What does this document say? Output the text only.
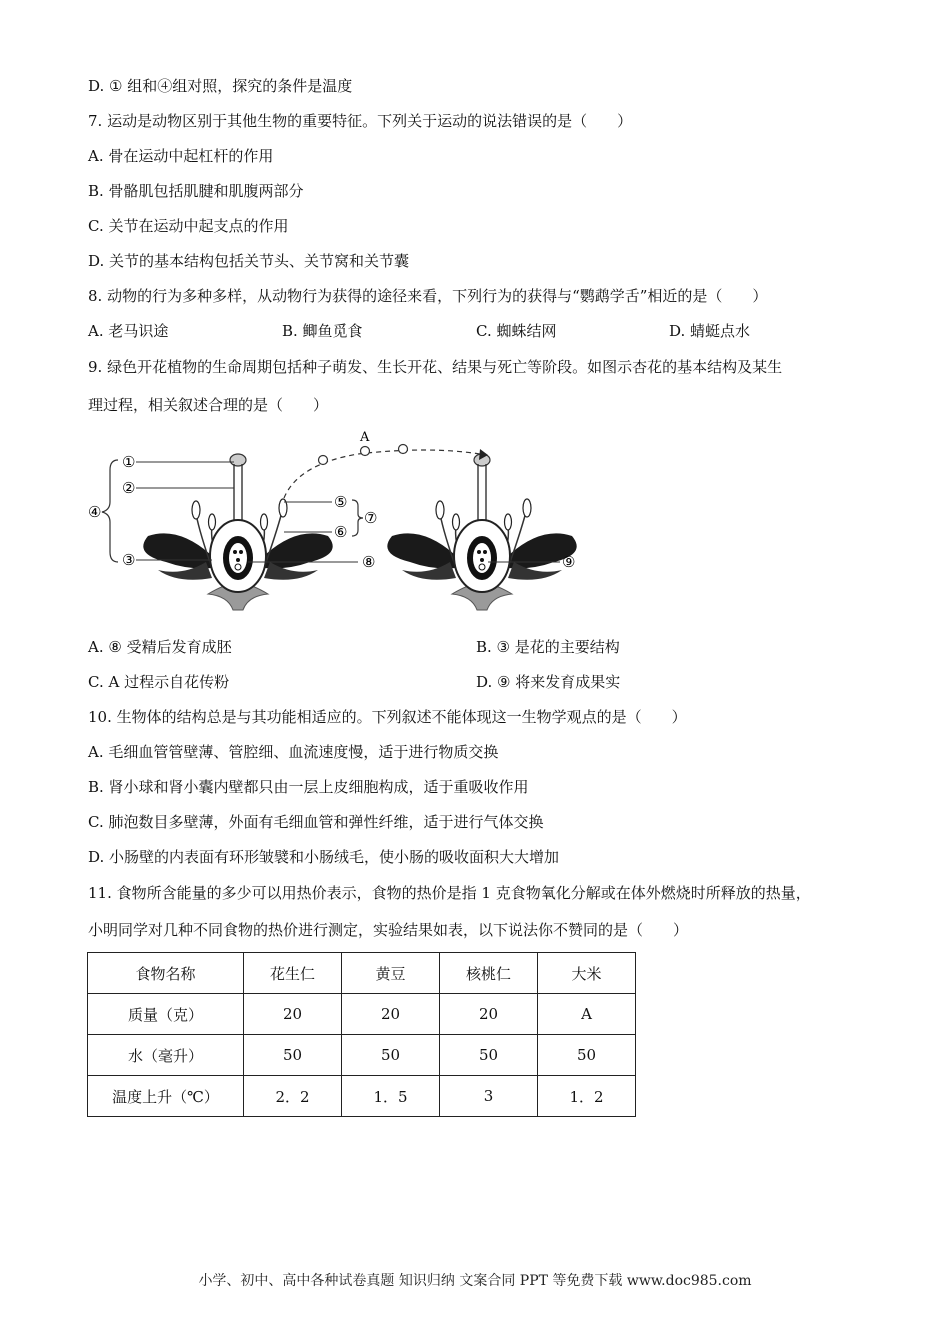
D. ① 组和④组对照，探究的条件是温度
7. 运动是动物区别于其他生物的重要特征。下列关于运动的说法错误的是（　　）
A. 骨在运动中起杠杆的作用
B. 骨骼肌包括肌腱和肌腹两部分
C. 关节在运动中起支点的作用
D. 关节的基本结构包括关节头、关节窝和关节囊
8. 动物的行为多种多样，从动物行为获得的途径来看，下列行为的获得与“鹦鹉学舌”相近的是（　　）
A. 老马识途	B. 鲫鱼觅食	C. 蜘蛛结网	D. 蜻蜓点水
9. 绿色开花植物的生命周期包括种子萌发、生长开花、结果与死亡等阶段。如图示杏花的基本结构及某生
理过程，相关叙述合理的是（　　）
A
①
②
④
③
⑤
⑥
⑦
⑧	⑨
A. ⑧ 受精后发育成胚	B. ③ 是花的主要结构
C. A 过程示自花传粉	D. ⑨ 将来发育成果实
10. 生物体的结构总是与其功能相适应的。下列叙述不能体现这一生物学观点的是（　　）
A. 毛细血管管壁薄、管腔细、血流速度慢，适于进行物质交换
B. 肾小球和肾小囊内壁都只由一层上皮细胞构成，适于重吸收作用
C. 肺泡数目多壁薄，外面有毛细血管和弹性纤维，适于进行气体交换
D. 小肠壁的内表面有环形皱襞和小肠绒毛，使小肠的吸收面积大大增加
11. 食物所含能量的多少可以用热价表示，食物的热价是指 1 克食物氧化分解或在体外燃烧时所释放的热量，
小明同学对几种不同食物的热价进行测定，实验结果如表，以下说法你不赞同的是（　　）
食物名称	花生仁	黄豆	核桃仁	大米
质量（克）	20	20	20	A
水（毫升）	50	50	50	50
温度上升（℃）	2．2	1．5	3	1．2
小学、初中、高中各种试卷真题 知识归纳 文案合同 PPT 等免费下载 www.doc985.com
